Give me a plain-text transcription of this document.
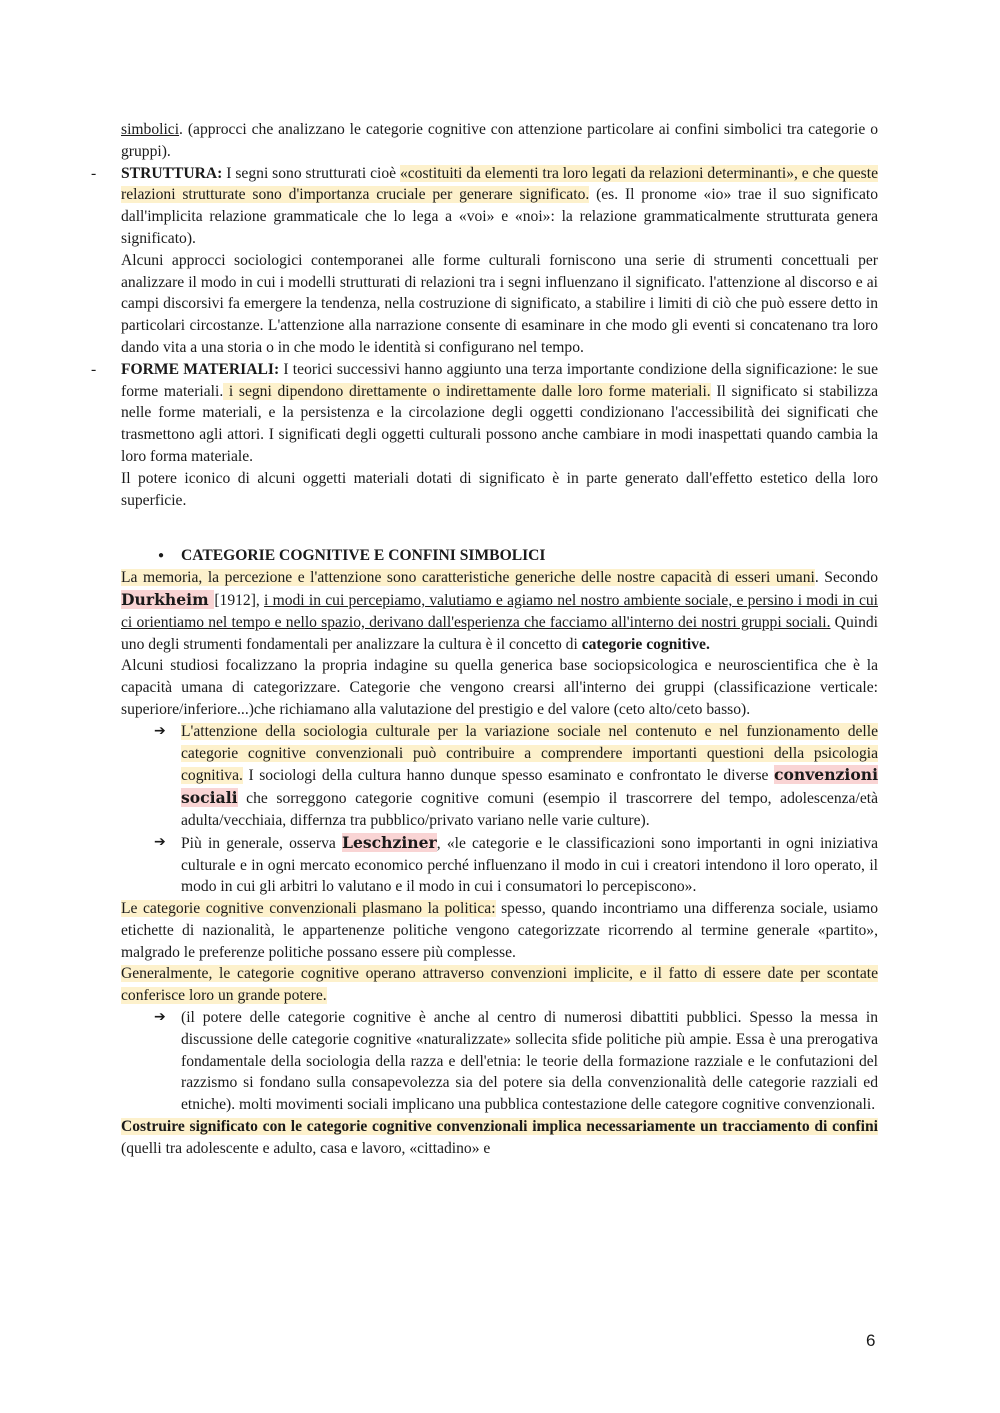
simbolici. (approcci che analizzano le categorie cognitive con attenzione particolare ai confini simbolici tra categorie o gruppi).

- STRUTTURA: I segni sono strutturati cioè «costituiti da elementi tra loro legati da relazioni determinanti», e che queste relazioni strutturate sono d'importanza cruciale per generare significato. (es. Il pronome «io» trae il suo significato dall'implicita relazione grammaticale che lo lega a «voi» e «noi»: la relazione grammaticalmente strutturata genera significato).

Alcuni approcci sociologici contemporanei alle forme culturali forniscono una serie di strumenti concettuali per analizzare il modo in cui i modelli strutturati di relazioni tra i segni influenzano il significato. l'attenzione al discorso e ai campi discorsivi fa emergere la tendenza, nella costruzione di significato, a stabilire i limiti di ciò che può essere detto in particolari circostanze. L'attenzione alla narrazione consente di esaminare in che modo gli eventi si concatenano tra loro dando vita a una storia o in che modo le identità si configurano nel tempo.

- FORME MATERIALI: I teorici successivi hanno aggiunto una terza importante condizione della significazione: le sue forme materiali. i segni dipendono direttamente o indirettamente dalle loro forme materiali. Il significato si stabilizza nelle forme materiali, e la persistenza e la circolazione degli oggetti condizionano l'accessibilità dei significati che trasmettono agli attori. I significati degli oggetti culturali possono anche cambiare in modi inaspettati quando cambia la loro forma materiale.

Il potere iconico di alcuni oggetti materiali dotati di significato è in parte generato dall'effetto estetico della loro superficie.

● CATEGORIE COGNITIVE E CONFINI SIMBOLICI

La memoria, la percezione e l'attenzione sono caratteristiche generiche delle nostre capacità di esseri umani. Secondo Durkheim [1912], i modi in cui percepiamo, valutiamo e agiamo nel nostro ambiente sociale, e persino i modi in cui ci orientiamo nel tempo e nello spazio, derivano dall'esperienza che facciamo all'interno dei nostri gruppi sociali. Quindi uno degli strumenti fondamentali per analizzare la cultura è il concetto di categorie cognitive.

Alcuni studiosi focalizzano la propria indagine su quella generica base sociopsicologica e neuroscientifica che è la capacità umana di categorizzare. Categorie che vengono crearsi all'interno dei gruppi (classificazione verticale: superiore/inferiore...)che richiamano alla valutazione del prestigio e del valore (ceto alto/ceto basso).

➔ L'attenzione della sociologia culturale per la variazione sociale nel contenuto e nel funzionamento delle categorie cognitive convenzionali può contribuire a comprendere importanti questioni della psicologia cognitiva. I sociologi della cultura hanno dunque spesso esaminato e confrontato le diverse convenzioni sociali che sorreggono categorie cognitive comuni (esempio il trascorrere del tempo, adolescenza/età adulta/vecchiaia, differnza tra pubblico/privato variano nelle varie culture).
➔ Più in generale, osserva Leschziner, «le categorie e le classificazioni sono importanti in ogni iniziativa culturale e in ogni mercato economico perché influenzano il modo in cui i creatori intendono il loro operato, il modo in cui gli arbitri lo valutano e il modo in cui i consumatori lo percepiscono».

Le categorie cognitive convenzionali plasmano la politica: spesso, quando incontriamo una differenza sociale, usiamo etichette di nazionalità, le appartenenze politiche vengono categorizzate ricorrendo al termine generale «partito», malgrado le preferenze politiche possano essere più complesse.

Generalmente, le categorie cognitive operano attraverso convenzioni implicite, e il fatto di essere date per scontate conferisce loro un grande potere.

➔ (il potere delle categorie cognitive è anche al centro di numerosi dibattiti pubblici. Spesso la messa in discussione delle categorie cognitive «naturalizzate» sollecita sfide politiche più ampie. Essa è una prerogativa fondamentale della sociologia della razza e dell'etnia: le teorie della formazione razziale e le confutazioni del razzismo si fondano sulla consapevolezza sia del potere sia della convenzionalità delle categorie razziali ed etniche). molti movimenti sociali implicano una pubblica contestazione delle categore cognitive convenzionali.

Costruire significato con le categorie cognitive convenzionali implica necessariamente un tracciamento di confini (quelli tra adolescente e adulto, casa e lavoro, «cittadino» e

6
